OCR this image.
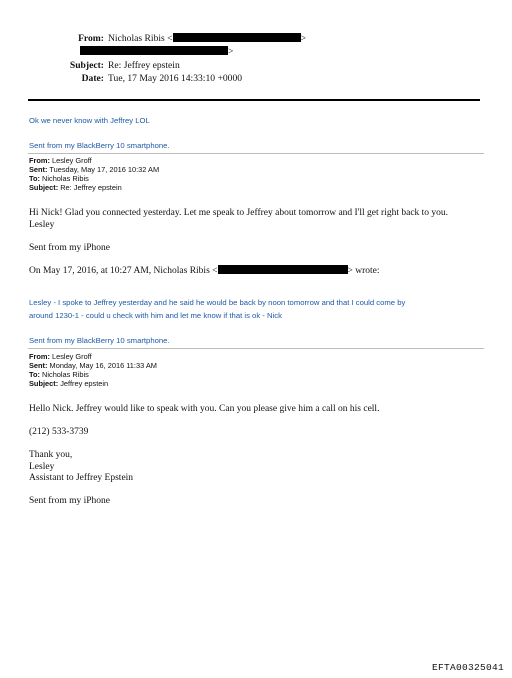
From: Nicholas Ribis <	>
>
Subject: Re: Jeffrey epstein
Date: Tue, 17 May 2016 14:33:10 +0000
Ok we never know with Jeffrey LOL
Sent from my BlackBerry 10 smartphone.
From: Lesley Groff
Sent: Tuesday, May 17, 2016 10:32 AM
To: Nicholas Ribis
Subject: Re: Jeffrey epstein
Hi Nick! Glad you connected yesterday. Let me speak to Jeffrey about tomorrow and I'll get right back to you.
Lesley
Sent from my iPhone
On May 17, 2016, at 10:27 AM, Nicholas Ribis <	> wrote:
Lesley - I spoke to Jeffrey yesterday and he said he would be back by noon tomorrow and that I could come by
around 1230-1 - could u check with him and let me know if that is ok - Nick
Sent from my BlackBerry 10 smartphone.
From: Lesley Groff
Sent: Monday, May 16, 2016 11:33 AM
To: Nicholas Ribis
Subject: Jeffrey epstein
Hello Nick. Jeffrey would like to speak with you. Can you please give him a call on his cell.
(212) 533-3739
Thank you,
Lesley
Assistant to Jeffrey Epstein
Sent from my iPhone
EFTA00325041
